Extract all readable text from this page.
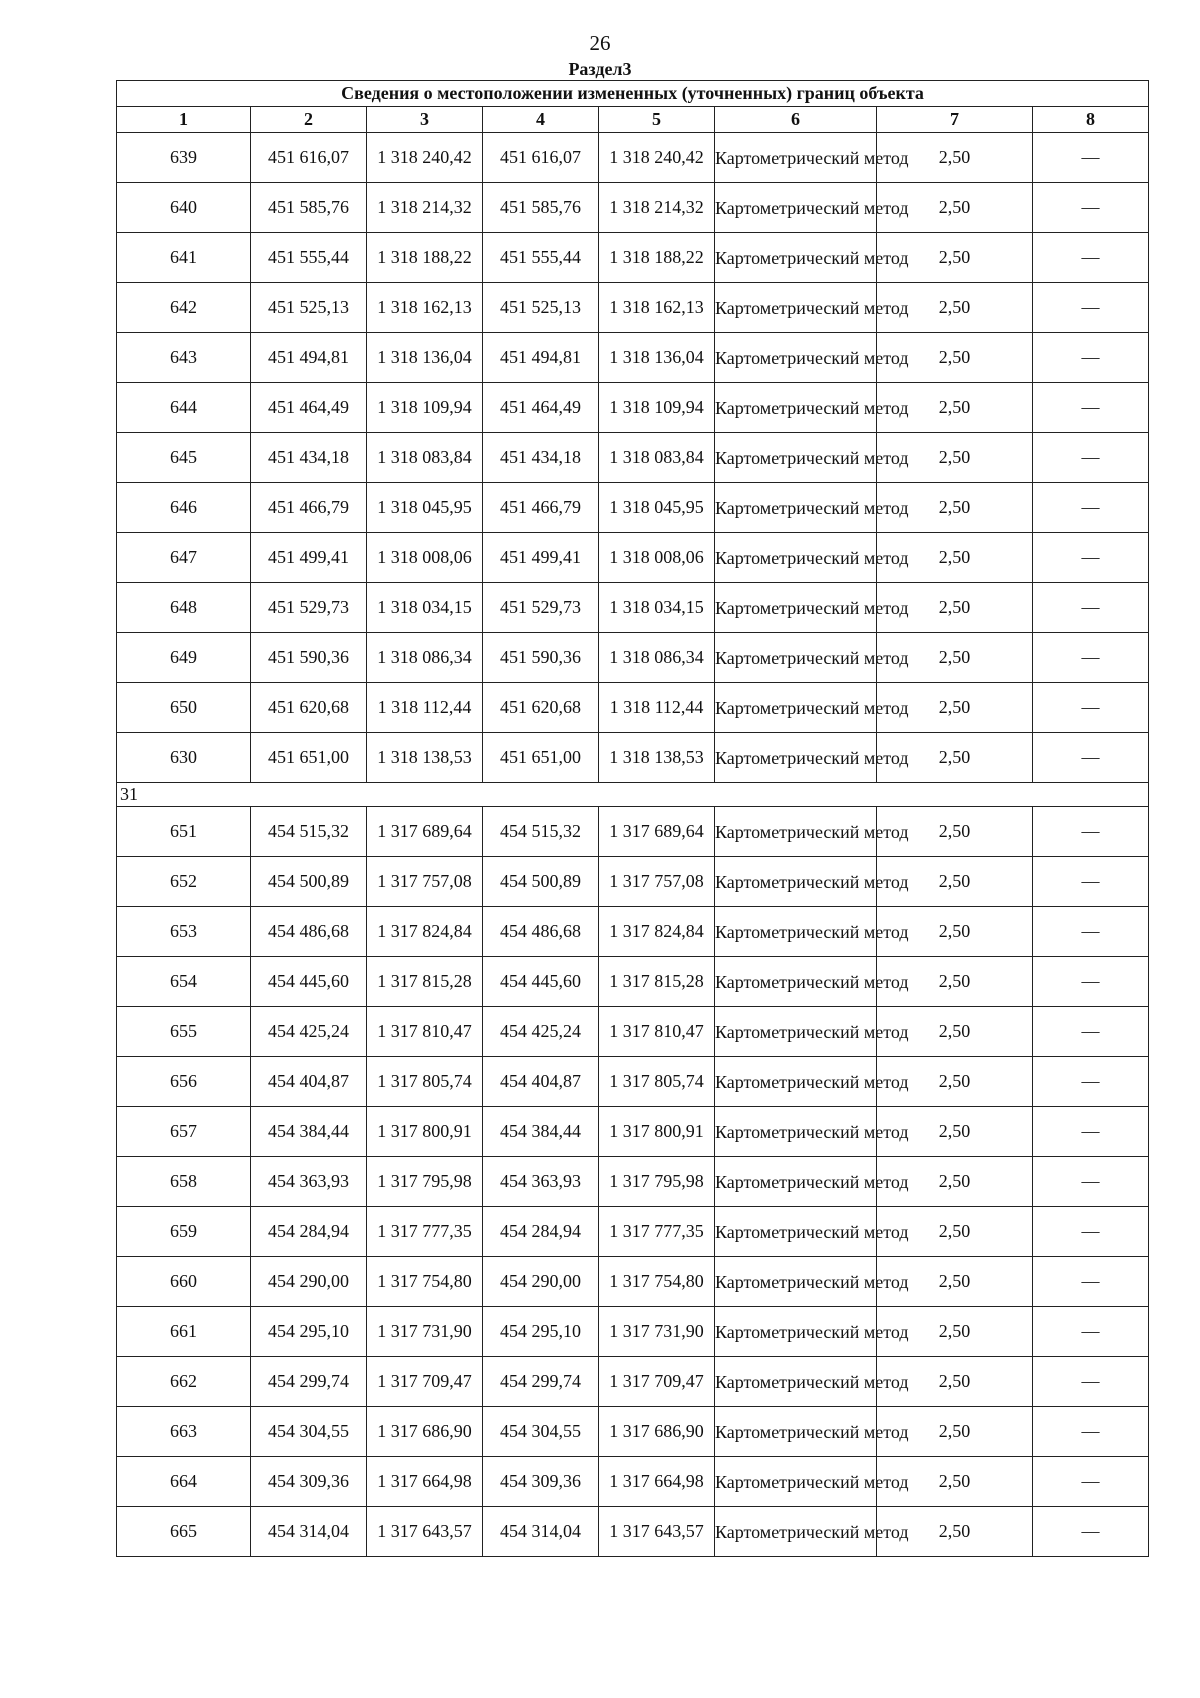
26
Раздел3
Сведения о местоположении измененных (уточненных) границ объекта							
1	2	3	4	5	6	7	8
639	451 616,07	1 318 240,42	451 616,07	1 318 240,42	Картометрический метод	2,50	—
640	451 585,76	1 318 214,32	451 585,76	1 318 214,32	Картометрический метод	2,50	—
641	451 555,44	1 318 188,22	451 555,44	1 318 188,22	Картометрический метод	2,50	—
642	451 525,13	1 318 162,13	451 525,13	1 318 162,13	Картометрический метод	2,50	—
643	451 494,81	1 318 136,04	451 494,81	1 318 136,04	Картометрический метод	2,50	—
644	451 464,49	1 318 109,94	451 464,49	1 318 109,94	Картометрический метод	2,50	—
645	451 434,18	1 318 083,84	451 434,18	1 318 083,84	Картометрический метод	2,50	—
646	451 466,79	1 318 045,95	451 466,79	1 318 045,95	Картометрический метод	2,50	—
647	451 499,41	1 318 008,06	451 499,41	1 318 008,06	Картометрический метод	2,50	—
648	451 529,73	1 318 034,15	451 529,73	1 318 034,15	Картометрический метод	2,50	—
649	451 590,36	1 318 086,34	451 590,36	1 318 086,34	Картометрический метод	2,50	—
650	451 620,68	1 318 112,44	451 620,68	1 318 112,44	Картометрический метод	2,50	—
630	451 651,00	1 318 138,53	451 651,00	1 318 138,53	Картометрический метод	2,50	—
31							
651	454 515,32	1 317 689,64	454 515,32	1 317 689,64	Картометрический метод	2,50	—
652	454 500,89	1 317 757,08	454 500,89	1 317 757,08	Картометрический метод	2,50	—
653	454 486,68	1 317 824,84	454 486,68	1 317 824,84	Картометрический метод	2,50	—
654	454 445,60	1 317 815,28	454 445,60	1 317 815,28	Картометрический метод	2,50	—
655	454 425,24	1 317 810,47	454 425,24	1 317 810,47	Картометрический метод	2,50	—
656	454 404,87	1 317 805,74	454 404,87	1 317 805,74	Картометрический метод	2,50	—
657	454 384,44	1 317 800,91	454 384,44	1 317 800,91	Картометрический метод	2,50	—
658	454 363,93	1 317 795,98	454 363,93	1 317 795,98	Картометрический метод	2,50	—
659	454 284,94	1 317 777,35	454 284,94	1 317 777,35	Картометрический метод	2,50	—
660	454 290,00	1 317 754,80	454 290,00	1 317 754,80	Картометрический метод	2,50	—
661	454 295,10	1 317 731,90	454 295,10	1 317 731,90	Картометрический метод	2,50	—
662	454 299,74	1 317 709,47	454 299,74	1 317 709,47	Картометрический метод	2,50	—
663	454 304,55	1 317 686,90	454 304,55	1 317 686,90	Картометрический метод	2,50	—
664	454 309,36	1 317 664,98	454 309,36	1 317 664,98	Картометрический метод	2,50	—
665	454 314,04	1 317 643,57	454 314,04	1 317 643,57	Картометрический метод	2,50	—
